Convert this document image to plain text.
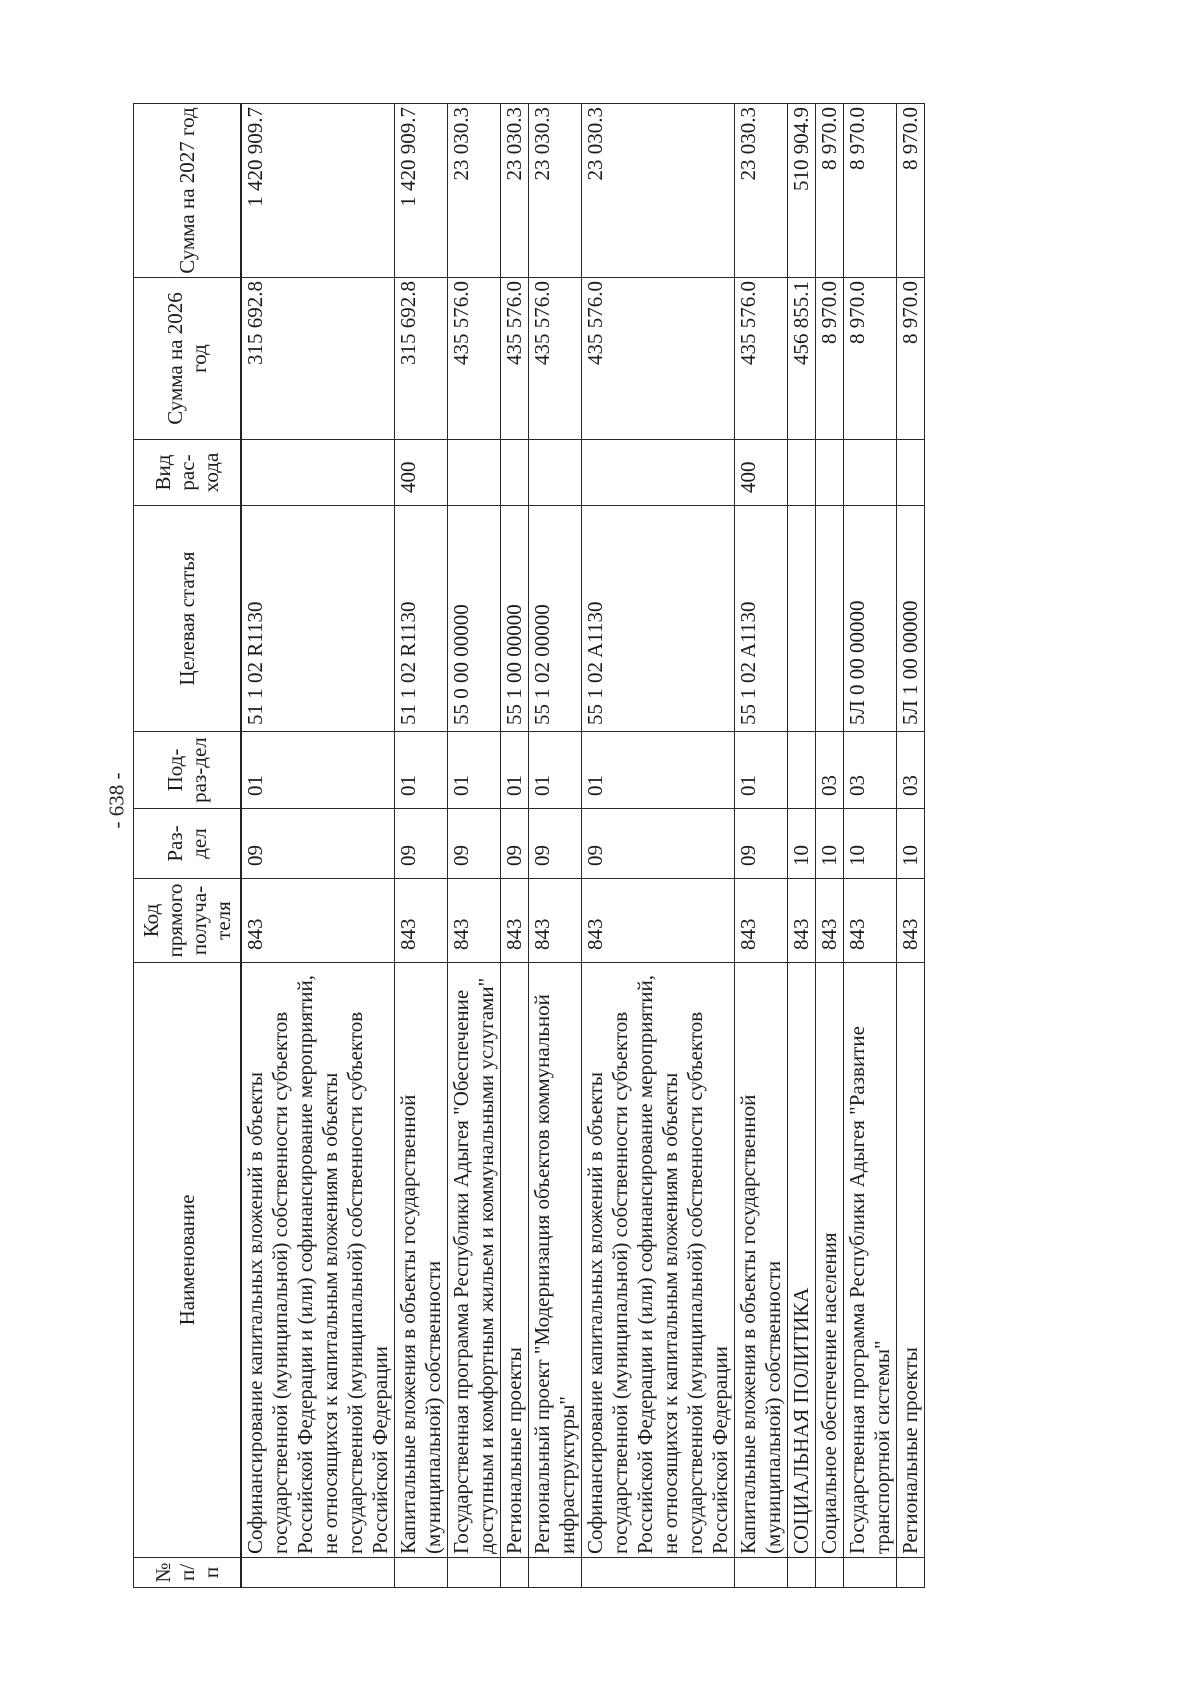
- 638 -
№ п/п	Наименование	Код прямого получа-теля	Раз-дел	Под-раз-дел	Целевая статья	Вид рас-хода	Сумма на 2026 год	Сумма на 2027 год
	Софинансирование капитальных вложений в объекты государственной (муниципальной) собственности субъектов Российской Федерации и (или) софинансирование мероприятий, не относящихся к капитальным вложениям в объекты государственной (муниципальной) собственности субъектов Российской Федерации	843	09	01	51 1 02 R1130		315 692.8	1 420 909.7
	Капитальные вложения в объекты государственной (муниципальной) собственности	843	09	01	51 1 02 R1130	400	315 692.8	1 420 909.7
	Государственная программа Республики Адыгея "Обеспечение доступным и комфортным жильем и коммунальными услугами"	843	09	01	55 0 00 00000		435 576.0	23 030.3
	Региональные проекты	843	09	01	55 1 00 00000		435 576.0	23 030.3
	Региональный проект "Модернизация объектов коммунальной инфраструктуры"	843	09	01	55 1 02 00000		435 576.0	23 030.3
	Софинансирование капитальных вложений в объекты государственной (муниципальной) собственности субъектов Российской Федерации и (или) софинансирование мероприятий, не относящихся к капитальным вложениям в объекты государственной (муниципальной) собственности субъектов Российской Федерации	843	09	01	55 1 02 A1130		435 576.0	23 030.3
	Капитальные вложения в объекты государственной (муниципальной) собственности	843	09	01	55 1 02 A1130	400	435 576.0	23 030.3
	СОЦИАЛЬНАЯ ПОЛИТИКА	843	10				456 855.1	510 904.9
	Социальное обеспечение населения	843	10	03			8 970.0	8 970.0
	Государственная программа Республики Адыгея "Развитие транспортной системы"	843	10	03	5Л 0 00 00000		8 970.0	8 970.0
	Региональные проекты	843	10	03	5Л 1 00 00000		8 970.0	8 970.0
